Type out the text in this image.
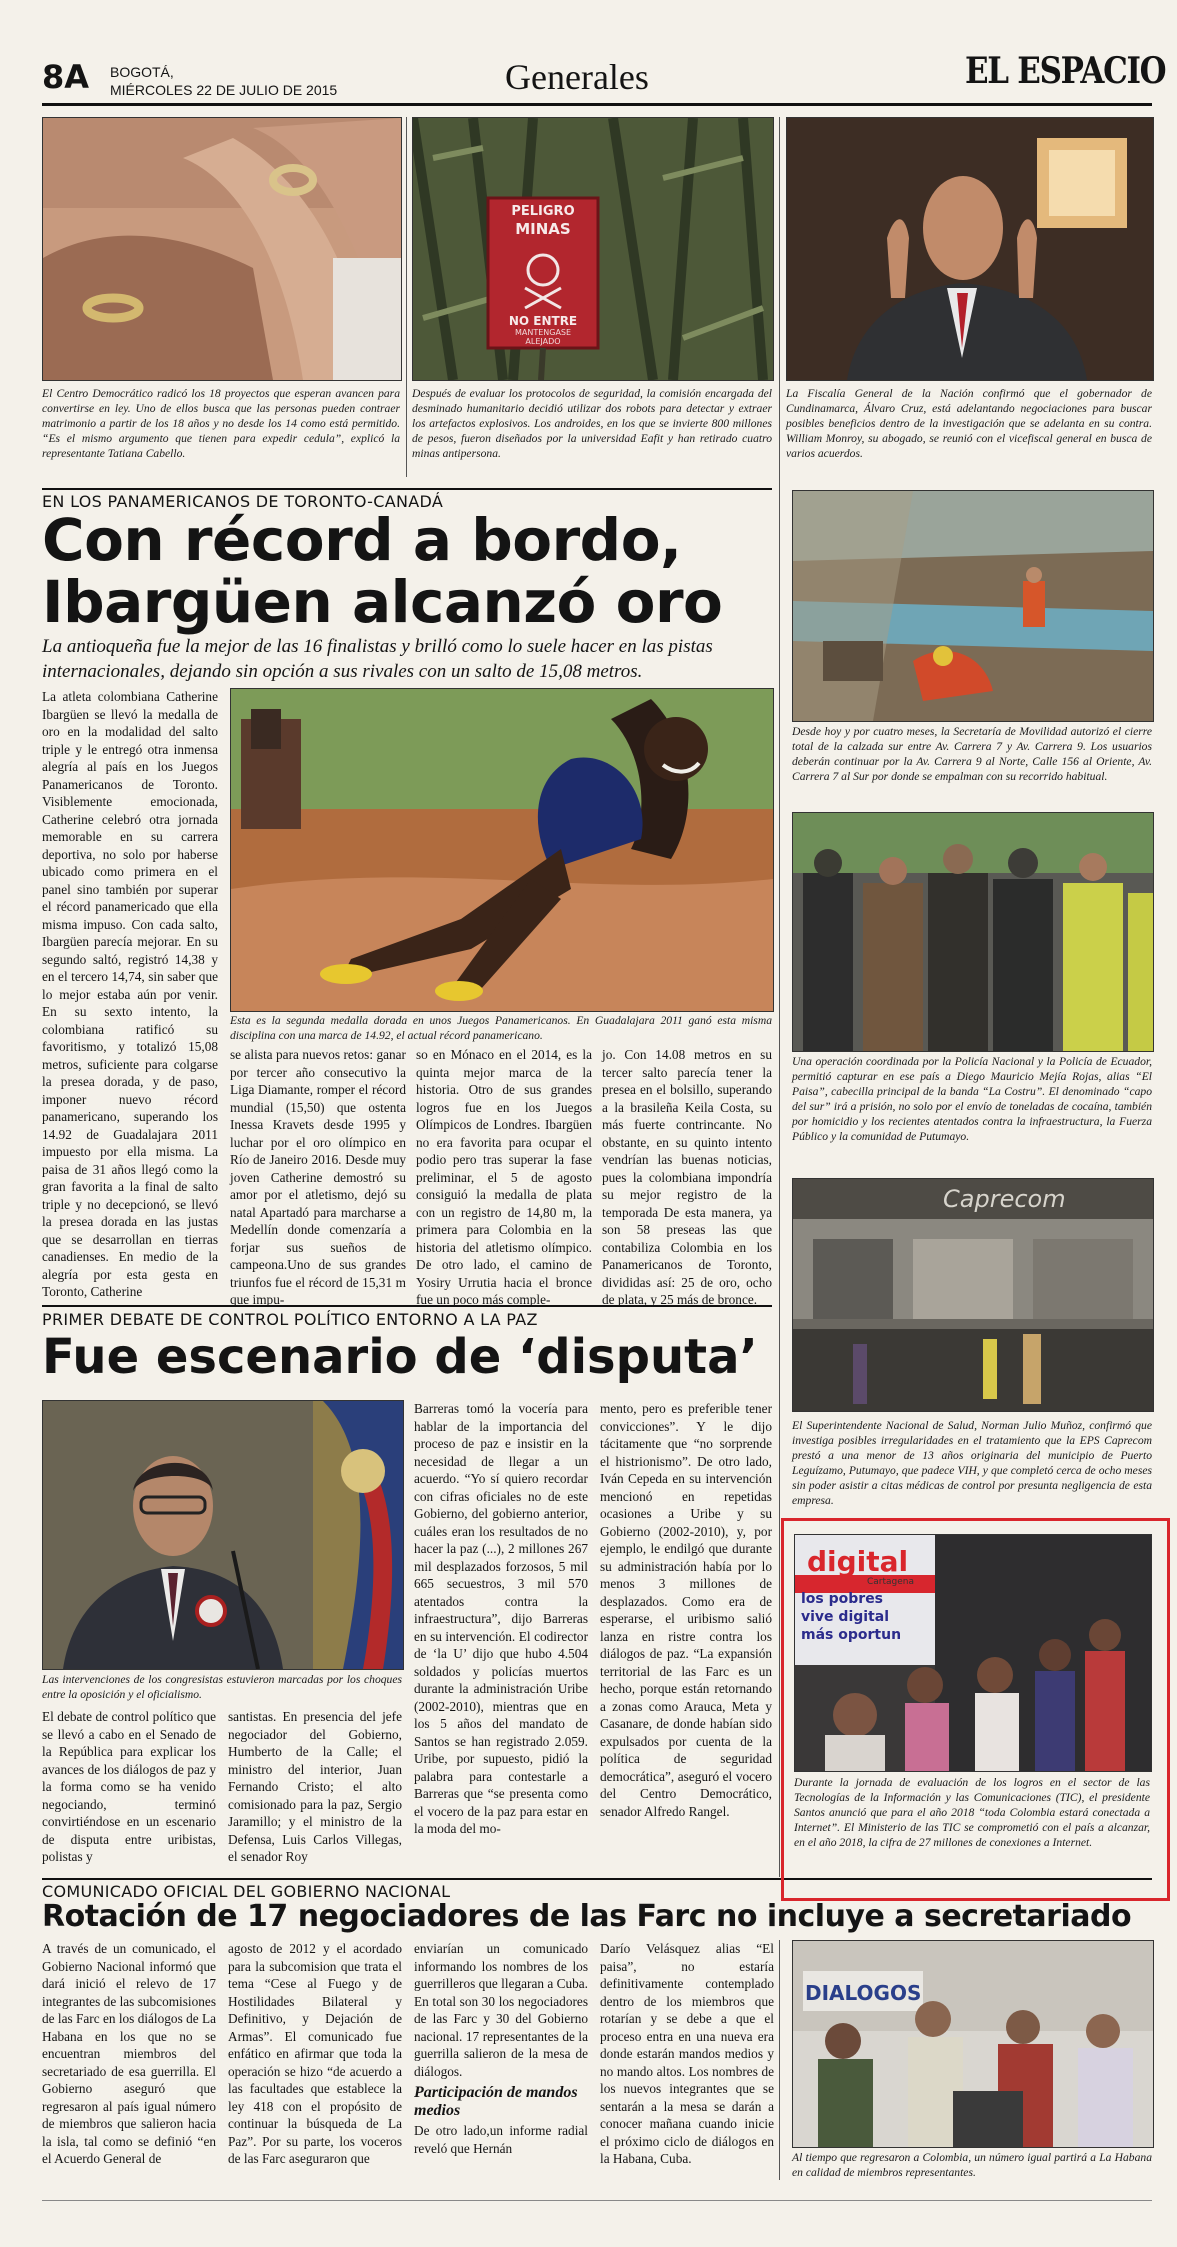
8A BOGOTÁ,
MIÉRCOLES 22 DE JULIO DE 2015	Generales	EL ESPACIO
El Centro Democrático radicó los 18 proyectos que esperan avancen para convertirse en ley. Uno de ellos busca que las personas pueden contraer matrimonio a partir de los 18 años y no desde los 14 como está permitido. “Es el mismo argumento que tienen para expedir cedula”, explicó la representante Tatiana Cabello.
PELIGRO
MINAS
NO ENTRE
MANTENGASE
ALEJADO
Después de evaluar los protocolos de seguridad, la comisión encargada del desminado humanitario decidió utilizar dos robots para detectar y extraer los artefactos explosivos. Los androides, en los que se invierte 800 millones de pesos, fueron diseñados por la universidad Eafit y han retirado cuatro minas antipersona.
La Fiscalía General de la Nación confirmó que el gobernador de Cundinamarca, Álvaro Cruz, está adelantando negociaciones para buscar posibles beneficios dentro de la investigación que se adelanta en su contra. William Monroy, su abogado, se reunió con el vicefiscal general en busca de varios acuerdos.
EN LOS PANAMERICANOS DE TORONTO-CANADÁ
Con récord a bordo,
Ibargüen alcanzó oro

La antioqueña fue la mejor de las 16 finalistas y brilló como lo suele hacer en las pistas internacionales, dejando sin opción a sus rivales con un salto de 15,08 metros.

La atleta colombiana Catherine Ibargüen se llevó la medalla de oro en la modalidad del salto triple y le entregó otra inmensa alegría al país en los Juegos Panamericanos de Toronto. Visiblemente emocionada, Catherine celebró otra jornada memorable en su carrera deportiva, no solo por haberse ubicado como primera en el panel sino también por superar el récord panamericado que ella misma impuso. Con cada salto, Ibargüen parecía mejorar. En su segundo saltó, registró 14,38 y en el tercero 14,74, sin saber que lo mejor estaba aún por venir. En su sexto intento, la colombiana ratificó su favoritismo, y totalizó 15,08 metros, suficiente para colgarse la presea dorada, y de paso, imponer nuevo récord panamericano, superando los 14.92 de Guadalajara 2011 impuesto por ella misma. La paisa de 31 años llegó como la gran favorita a la final de salto triple y no decepcionó, se llevó la presea dorada en las justas que se desarrollan en tierras canadienses. En medio de la alegría por esta gesta en Toronto, Catherine

Esta es la segunda medalla dorada en unos Juegos Panamericanos. En Guadalajara 2011 ganó esta misma disciplina con una marca de 14.92, el actual récord panamericano.

se alista para nuevos retos: ganar por tercer año consecutivo la Liga Diamante, romper el récord mundial (15,50) que ostenta Inessa Kravets desde 1995 y luchar por el oro olímpico en Río de Janeiro 2016. Desde muy joven Catherine demostró su amor por el atletismo, dejó su natal Apartadó para marcharse a Medellín donde comenzaría a forjar sus sueños de campeona.Uno de sus grandes triunfos fue el récord de 15,31 m que impu-

so en Mónaco en el 2014, es la quinta mejor marca de la historia. Otro de sus grandes logros fue en los Juegos Olímpicos de Londres. Ibargüen no era favorita para ocupar el podio pero tras superar la fase preliminar, el 5 de agosto consiguió la medalla de plata con un registro de 14,80 m, la primera para Colombia en la historia del atletismo olímpico. De otro lado, el camino de Yosiry Urrutia hacia el bronce fue un poco más comple-

jo. Con 14.08 metros en su tercer salto parecía tener la presea en el bolsillo, superando a la brasileña Keila Costa, su más fuerte contrincante. No obstante, en su quinto intento vendrían las buenas noticias, pues la colombiana impondría su mejor registro de la temporada De esta manera, ya son 58 preseas las que contabiliza Colombia en los Panamericanos de Toronto, divididas así: 25 de oro, ocho de plata, y 25 más de bronce.

PRIMER DEBATE DE CONTROL POLÍTICO ENTORNO A LA PAZ
Fue escenario de ‘disputa’
Las intervenciones de los congresistas estuvieron marcadas por los choques entre la oposición y el oficialismo.

El debate de control político que se llevó a cabo en el Senado de la República para explicar los avances de los diálogos de paz y la forma como se ha venido negociando, terminó convirtiéndose en un escenario de disputa entre uribistas, polistas y

santistas. En presencia del jefe negociador del Gobierno, Humberto de la Calle; el ministro del interior, Juan Fernando Cristo; el alto comisionado para la paz, Sergio Jaramillo; y el ministro de la Defensa, Luis Carlos Villegas, el senador Roy

Barreras tomó la vocería para hablar de la importancia del proceso de paz e insistir en la necesidad de llegar a un acuerdo. “Yo sí quiero recordar con cifras oficiales no de este Gobierno, del gobierno anterior, cuáles eran los resultados de no hacer la paz (...), 2 millones 267 mil desplazados forzosos, 5 mil 665 secuestros, 3 mil 570 atentados contra la infraestructura”, dijo Barreras en su intervención. El codirector de ‘la U’ dijo que hubo 4.504 soldados y policías muertos durante la administración Uribe (2002-2010), mientras que en los 5 años del mandato de Santos se han registrado 2.059. Uribe, por supuesto, pidió la palabra para contestarle a Barreras que “se presenta como el vocero de la paz para estar en la moda del mo-

mento, pero es preferible tener convicciones”. Y le dijo tácitamente que “no sorprende el histrionismo”. De otro lado, Iván Cepeda en su intervención mencionó en repetidas ocasiones a Uribe y su Gobierno (2002-2010), y, por ejemplo, le endilgó que durante su administración había por lo menos 3 millones de desplazados. Como era de esperarse, el uribismo salió lanza en ristre contra los diálogos de paz. “La expansión territorial de las Farc es un hecho, porque están retornando a zonas como Arauca, Meta y Casanare, de donde habían sido expulsados por cuenta de la política de seguridad democrática”, aseguró el vocero del Centro Democrático, senador Alfredo Rangel.

Desde hoy y por cuatro meses, la Secretaría de Movilidad autorizó el cierre total de la calzada sur entre Av. Carrera 7 y Av. Carrera 9. Los usuarios deberán continuar por la Av. Carrera 9 al Norte, Calle 156 al Oriente, Av. Carrera 7 al Sur por donde se empalman con su recorrido habitual.
Una operación coordinada por la Policía Nacional y la Policía de Ecuador, permitió capturar en ese país a Diego Mauricio Mejía Rojas, alias “El Paisa”, cabecilla principal de la banda “La Costru”. El denominado “capo del sur” irá a prisión, no solo por el envío de toneladas de cocaína, también por homicidio y los recientes atentados contra la infraestructura, la Fuerza Público y la comunidad de Putumayo.
Caprecom
El Superintendente Nacional de Salud, Norman Julio Muñoz, confirmó que investiga posibles irregularidades en el tratamiento que la EPS Caprecom prestó a una menor de 13 años originaria del municipio de Puerto Leguízamo, Putumayo, que padece VIH, y que completó cerca de ocho meses sin poder asistir a citas médicas de control por presunta negligencia de esta empresa.
digital
Cartagena
los pobres
vive digital
más oportun
Durante la jornada de evaluación de los logros en el sector de las Tecnologías de la Información y las Comunicaciones (TIC), el presidente Santos anunció que para el año 2018 “toda Colombia estará conectada a Internet”. El Ministerio de las TIC se comprometió con el país a alcanzar, en el año 2018, la cifra de 27 millones de conexiones a Internet.
COMUNICADO OFICIAL DEL GOBIERNO NACIONAL
Rotación de 17 negociadores de las Farc no incluye a secretariado

A través de un comunicado, el Gobierno Nacional informó que dará inició el relevo de 17 integrantes de las subcomisiones de las Farc en los diálogos de La Habana en los que no se encuentran miembros del secretariado de esa guerrilla. El Gobierno aseguró que regresaron al país igual número de miembros que salieron hacia la isla, tal como se definió “en el Acuerdo General de

agosto de 2012 y el acordado para la subcomision que trata el tema “Cese al Fuego y de Hostilidades Bilateral y Definitivo, y Dejación de Armas”. El comunicado fue enfático en afirmar que toda la operación se hizo “de acuerdo a las facultades que establece la ley 418 con el propósito de continuar la búsqueda de La Paz”. Por su parte, los voceros de las Farc aseguraron que

enviarían un comunicado informando los nombres de los guerrilleros que llegaran a Cuba. En total son 30 los negociadores de las Farc y 30 del Gobierno nacional. 17 representantes de la guerrilla salieron de la mesa de diálogos.

Participación de mandos medios

De otro lado,un informe radial reveló que Hernán

Darío Velásquez alias “El paisa”, no estaría definitivamente contemplado dentro de los miembros que rotarían y se debe a que el proceso entra en una nueva era donde estarán mandos medios y no mando altos. Los nombres de los nuevos integrantes que se sentarán a la mesa se darán a conocer mañana cuando inicie el próximo ciclo de diálogos en la Habana, Cuba.

DIALOGOS
Al tiempo que regresaron a Colombia, un número igual partirá a La Habana en calidad de miembros representantes.
